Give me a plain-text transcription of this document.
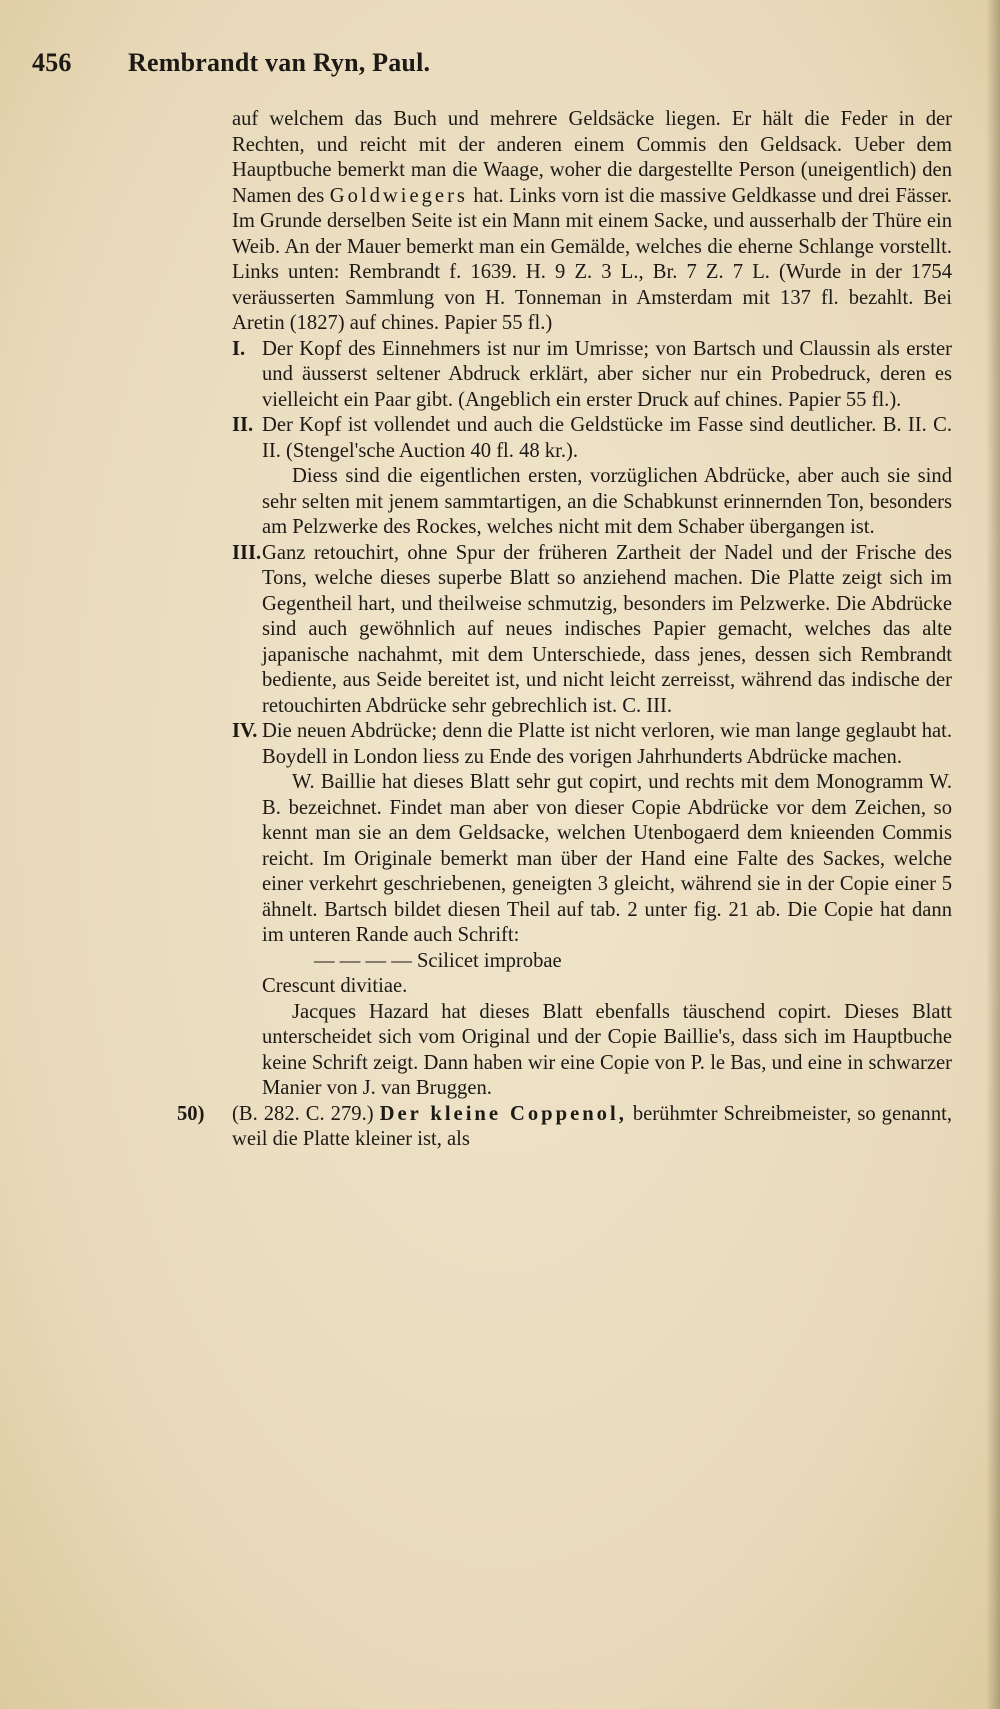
456 Rembrandt van Ryn, Paul.

auf welchem das Buch und mehrere Geldsäcke liegen. Er hält die Feder in der Rechten, und reicht mit der anderen einem Commis den Geldsack. Ueber dem Hauptbuche bemerkt man die Waage, woher die dargestellte Person (uneigentlich) den Namen des Goldwiegers hat. Links vorn ist die massive Geldkasse und drei Fässer. Im Grunde derselben Seite ist ein Mann mit einem Sacke, und ausserhalb der Thüre ein Weib. An der Mauer bemerkt man ein Gemälde, welches die eherne Schlange vorstellt. Links unten: Rembrandt f. 1639. H. 9 Z. 3 L., Br. 7 Z. 7 L. (Wurde in der 1754 veräusserten Sammlung von H. Tonneman in Amsterdam mit 137 fl. bezahlt. Bei Aretin (1827) auf chines. Papier 55 fl.)

I. Der Kopf des Einnehmers ist nur im Umrisse; von Bartsch und Claussin als erster und äusserst seltener Abdruck erklärt, aber sicher nur ein Probedruck, deren es vielleicht ein Paar gibt. (Angeblich ein erster Druck auf chines. Papier 55 fl.).

II. Der Kopf ist vollendet und auch die Geldstücke im Fasse sind deutlicher. B. II. C. II. (Stengel'sche Auction 40 fl. 48 kr.).

Diess sind die eigentlichen ersten, vorzüglichen Abdrücke, aber auch sie sind sehr selten mit jenem sammtartigen, an die Schabkunst erinnernden Ton, besonders am Pelzwerke des Rockes, welches nicht mit dem Schaber übergangen ist.

III. Ganz retouchirt, ohne Spur der früheren Zartheit der Nadel und der Frische des Tons, welche dieses superbe Blatt so anziehend machen. Die Platte zeigt sich im Gegentheil hart, und theilweise schmutzig, besonders im Pelzwerke. Die Abdrücke sind auch gewöhnlich auf neues indisches Papier gemacht, welches das alte japanische nachahmt, mit dem Unterschiede, dass jenes, dessen sich Rembrandt bediente, aus Seide bereitet ist, und nicht leicht zerreisst, während das indische der retouchirten Abdrücke sehr gebrechlich ist. C. III.

IV. Die neuen Abdrücke; denn die Platte ist nicht verloren, wie man lange geglaubt hat. Boydell in London liess zu Ende des vorigen Jahrhunderts Abdrücke machen.

W. Baillie hat dieses Blatt sehr gut copirt, und rechts mit dem Monogramm W. B. bezeichnet. Findet man aber von dieser Copie Abdrücke vor dem Zeichen, so kennt man sie an dem Geldsacke, welchen Utenbogaerd dem knieenden Commis reicht. Im Originale bemerkt man über der Hand eine Falte des Sackes, welche einer verkehrt geschriebenen, geneigten 3 gleicht, während sie in der Copie einer 5 ähnelt. Bartsch bildet diesen Theil auf tab. 2 unter fig. 21 ab. Die Copie hat dann im unteren Rande auch Schrift:

— — — — Scilicet improbae

Crescunt divitiae.

Jacques Hazard hat dieses Blatt ebenfalls täuschend copirt. Dieses Blatt unterscheidet sich vom Original und der Copie Baillie's, dass sich im Hauptbuche keine Schrift zeigt. Dann haben wir eine Copie von P. le Bas, und eine in schwarzer Manier von J. van Bruggen.

50) (B. 282. C. 279.) Der kleine Coppenol, berühmter Schreibmeister, so genannt, weil die Platte kleiner ist, als
